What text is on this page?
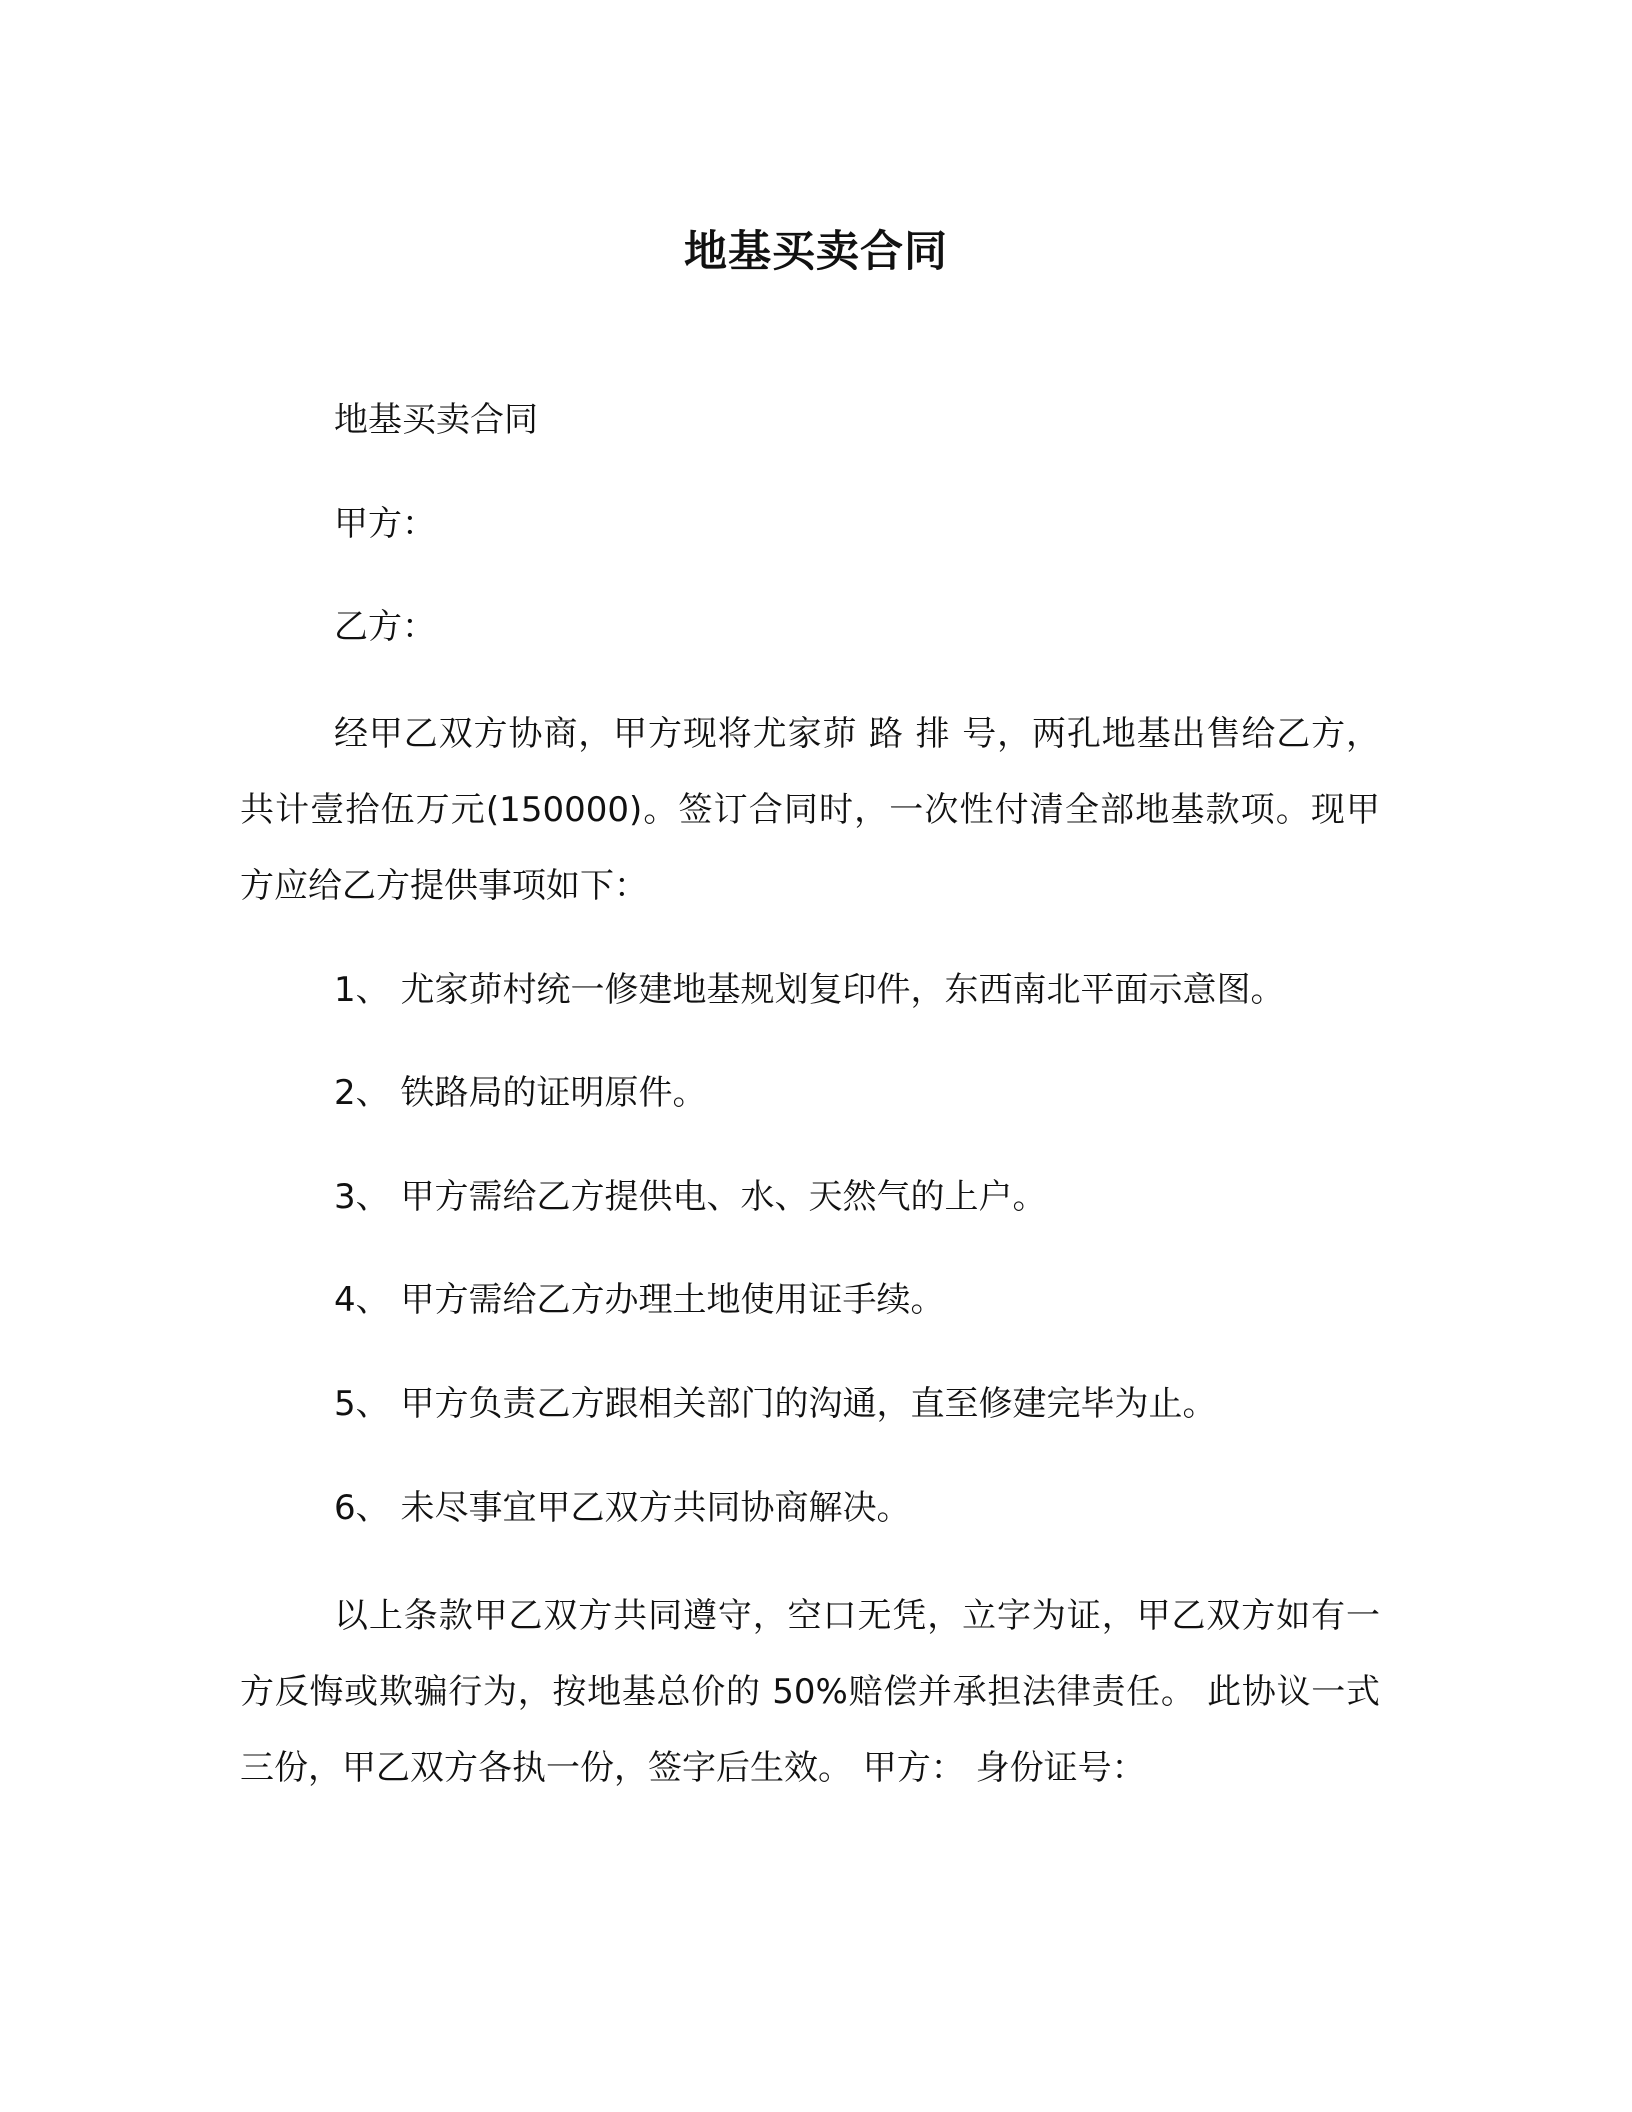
地基买卖合同

地基买卖合同

甲方：

乙方：

经甲乙双方协商，甲方现将尤家茆 路 排 号，两孔地基出售给乙方，共计壹拾伍万元(150000)。签订合同时，一次性付清全部地基款项。现甲方应给乙方提供事项如下：

1、 尤家茆村统一修建地基规划复印件，东西南北平面示意图。

2、 铁路局的证明原件。

3、 甲方需给乙方提供电、水、天然气的上户。

4、 甲方需给乙方办理土地使用证手续。

5、 甲方负责乙方跟相关部门的沟通，直至修建完毕为止。

6、 未尽事宜甲乙双方共同协商解决。

以上条款甲乙双方共同遵守，空口无凭，立字为证，甲乙双方如有一方反悔或欺骗行为，按地基总价的 50%赔偿并承担法律责任。 此协议一式三份，甲乙双方各执一份，签字后生效。 甲方： 身份证号：
